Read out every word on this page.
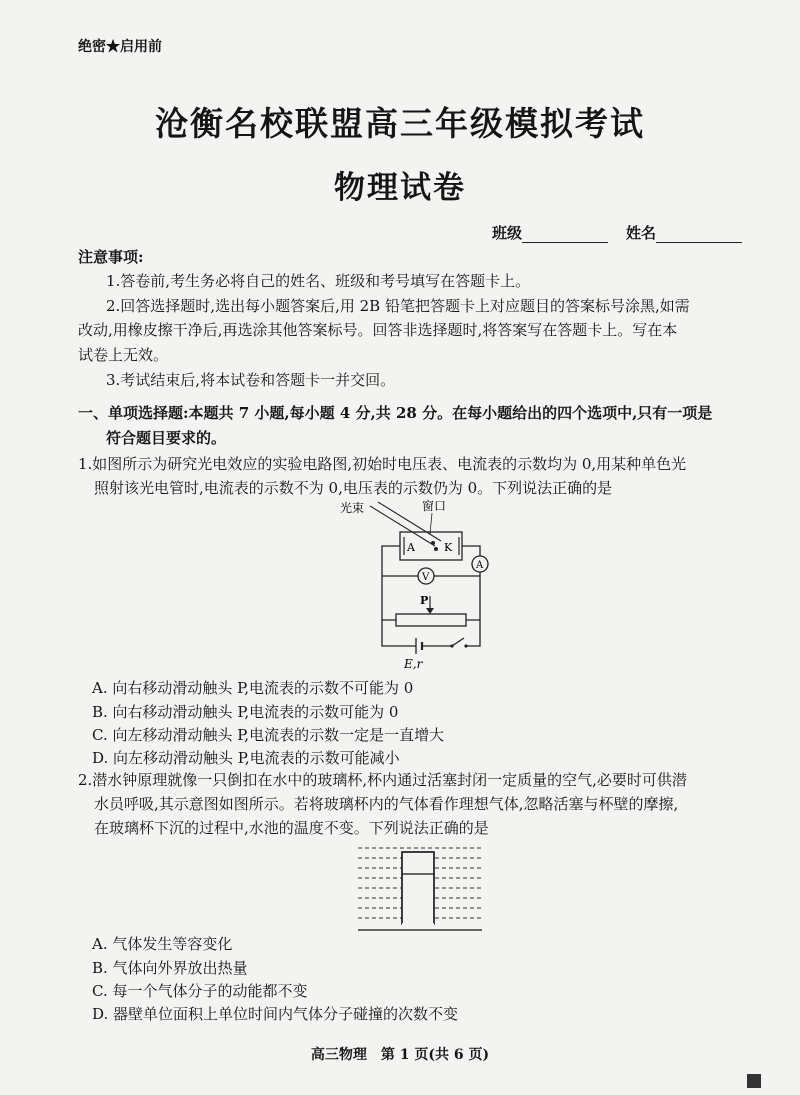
绝密★启用前
沧衡名校联盟高三年级模拟考试
物理试卷
班级	姓名
注意事项:
1.答卷前,考生务必将自己的姓名、班级和考号填写在答题卡上。
2.回答选择题时,选出每小题答案后,用 2B 铅笔把答题卡上对应题目的答案标号涂黑,如需
改动,用橡皮擦干净后,再选涂其他答案标号。回答非选择题时,将答案写在答题卡上。写在本
试卷上无效。
3.考试结束后,将本试卷和答题卡一并交回。
一、单项选择题:本题共 7 小题,每小题 4 分,共 28 分。在每小题给出的四个选项中,只有一项是
符合题目要求的。
1.如图所示为研究光电效应的实验电路图,初始时电压表、电流表的示数均为 0,用某种单色光
照射该光电管时,电流表的示数不为 0,电压表的示数仍为 0。下列说法正确的是
光束	窗口
A	K
A
V
P
E,r
A. 向右移动滑动触头 P,电流表的示数不可能为 0
B. 向右移动滑动触头 P,电流表的示数可能为 0
C. 向左移动滑动触头 P,电流表的示数一定是一直增大
D. 向左移动滑动触头 P,电流表的示数可能减小
2.潜水钟原理就像一只倒扣在水中的玻璃杯,杯内通过活塞封闭一定质量的空气,必要时可供潜
水员呼吸,其示意图如图所示。若将玻璃杯内的气体看作理想气体,忽略活塞与杯壁的摩擦,
在玻璃杯下沉的过程中,水池的温度不变。下列说法正确的是
A. 气体发生等容变化
B. 气体向外界放出热量
C. 每一个气体分子的动能都不变
D. 器壁单位面积上单位时间内气体分子碰撞的次数不变
高三物理　第 1 页(共 6 页)
